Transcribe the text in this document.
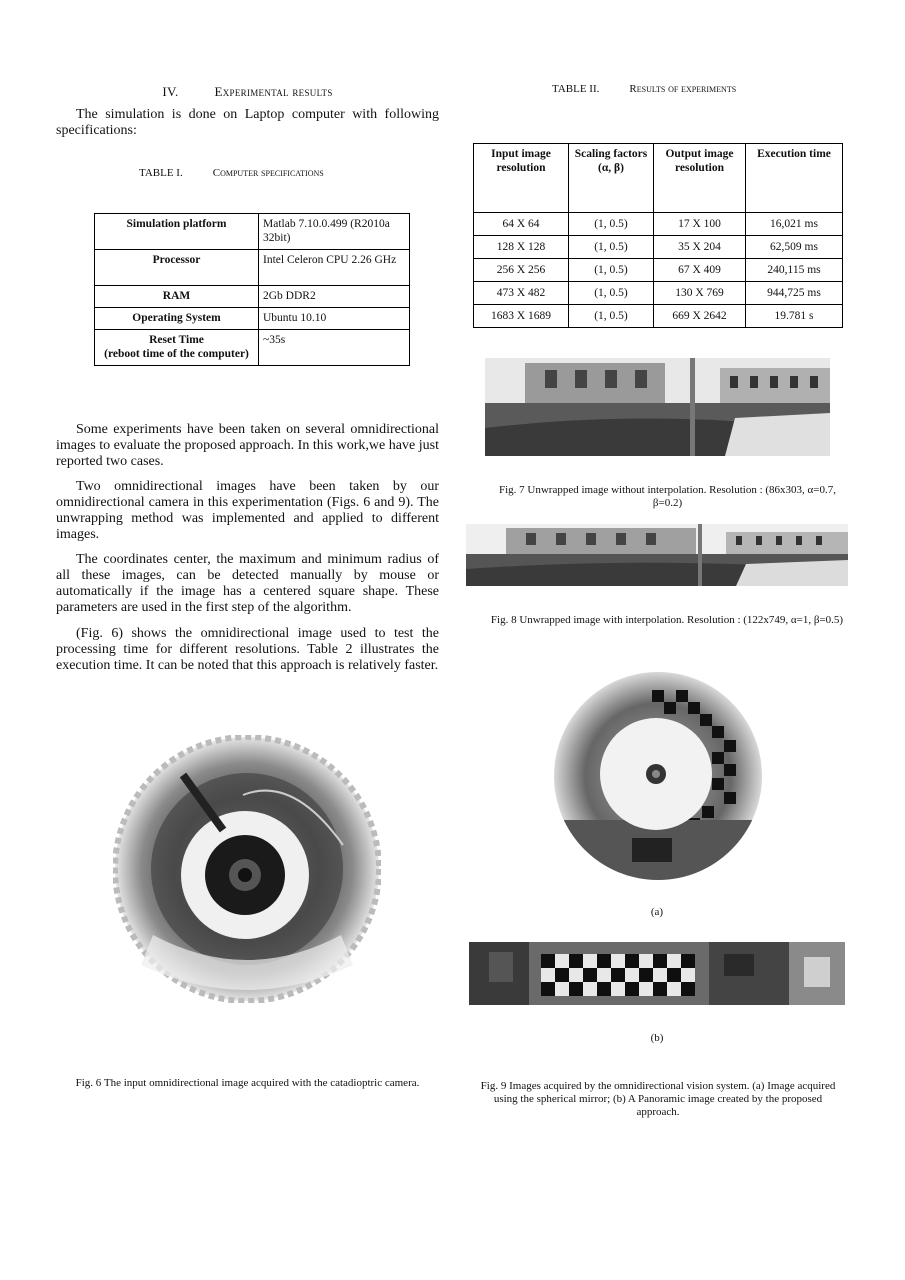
IV.	Experimental results

The simulation is done on Laptop computer with following specifications:

TABLE I.	Computer specifications
Simulation platform	Matlab 7.10.0.499 (R2010a 32bit)
Processor	Intel Celeron CPU 2.26 GHz
RAM	2Gb DDR2
Operating System	Ubuntu 10.10
Reset Time
(reboot time of the computer)	~35s

Some experiments have been taken on several omnidirectional images to evaluate the proposed approach. In this work,we have just reported two cases.

Two omnidirectional images have been taken by our omnidirectional camera in this experimentation (Figs. 6 and 9). The unwrapping method was implemented and applied to different images.

The coordinates center, the maximum and minimum radius of all these images, can be detected manually by mouse or automatically if the image has a centered square shape. These parameters are used in the first step of the algorithm.

(Fig. 6) shows the omnidirectional image used to test the processing time for different resolutions. Table 2 illustrates the execution time. It can be noted that this approach is relatively faster.

Fig. 6 The input omnidirectional image acquired with the catadioptric camera.
TABLE II.	Results of experiments
Input image resolution	Scaling factors (α, β)	Output image resolution	Execution time
64 X 64	(1, 0.5)	17 X 100	16,021 ms
128 X 128	(1, 0.5)	35 X 204	62,509 ms
256 X 256	(1, 0.5)	67 X 409	240,115 ms
473 X 482	(1, 0.5)	130 X 769	944,725 ms
1683 X 1689	(1, 0.5)	669 X 2642	19.781 s
Fig. 7 Unwrapped image without interpolation. Resolution : (86x303, α=0.7, β=0.2)
Fig. 8 Unwrapped image with interpolation. Resolution : (122x749, α=1, β=0.5)
(a)
(b)
Fig. 9 Images acquired by the omnidirectional vision system. (a) Image acquired using the spherical mirror; (b) A Panoramic image created by the proposed approach.
